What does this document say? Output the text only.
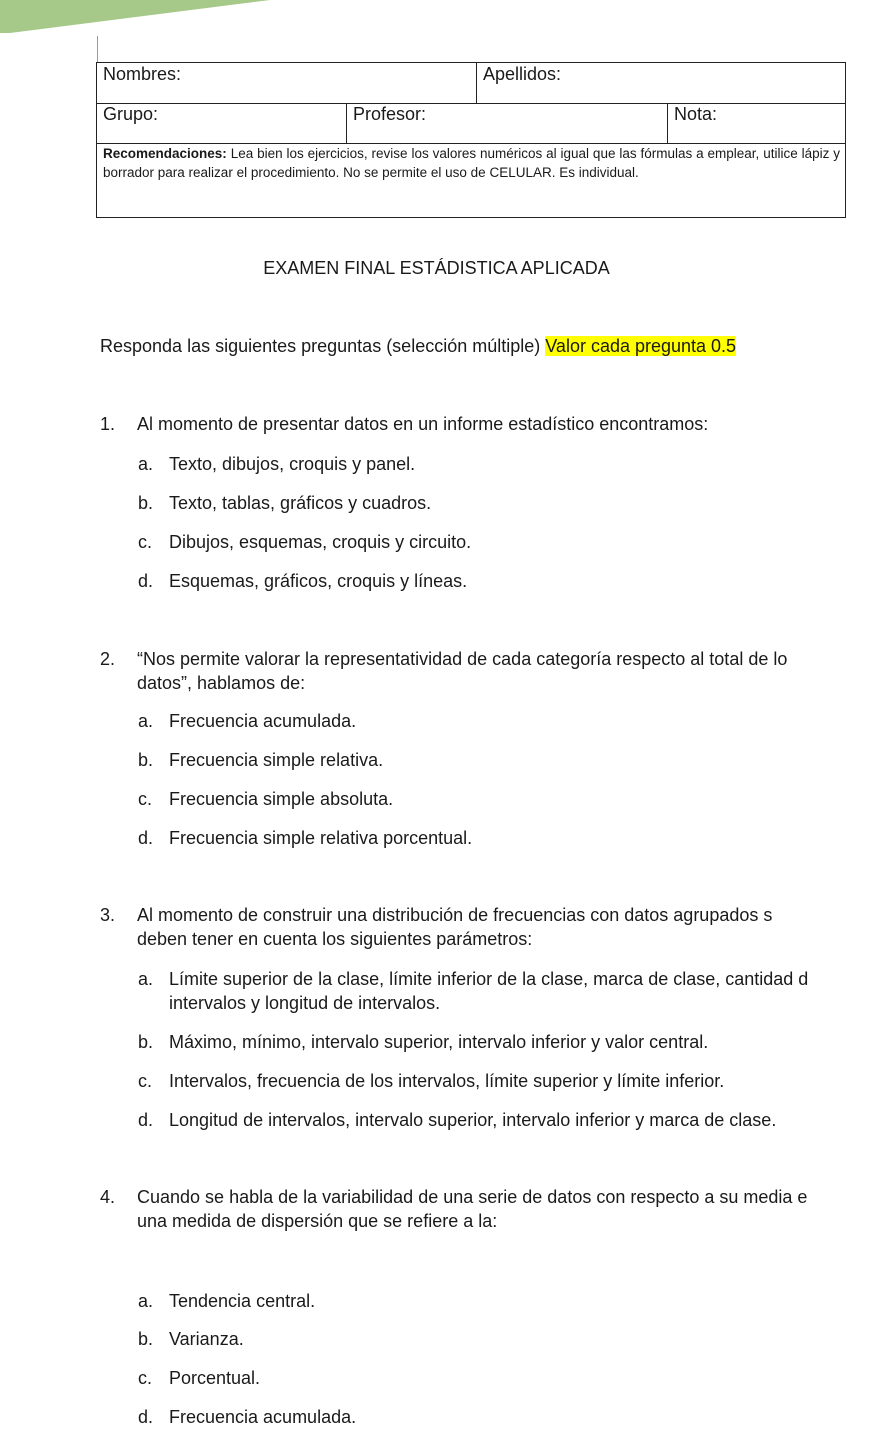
Nombres:	Apellidos:
Grupo:	Profesor:	Nota:
Recomendaciones: Lea bien los ejercicios, revise los valores numéricos al igual que las fórmulas a emplear, utilice lápiz y borrador para realizar el procedimiento. No se permite el uso de CELULAR. Es individual.
EXAMEN FINAL ESTÁDISTICA APLICADA
Responda las siguientes preguntas (selección múltiple) Valor cada pregunta 0.5
1. Al momento de presentar datos en un informe estadístico encontramos:
a. Texto, dibujos, croquis y panel.
b. Texto, tablas, gráficos y cuadros.
c. Dibujos, esquemas, croquis y circuito.
d. Esquemas, gráficos, croquis y líneas.
2. “Nos permite valorar la representatividad de cada categoría respecto al total de lo
datos”, hablamos de:
a. Frecuencia acumulada.
b. Frecuencia simple relativa.
c. Frecuencia simple absoluta.
d. Frecuencia simple relativa porcentual.
3. Al momento de construir una distribución de frecuencias con datos agrupados s
deben tener en cuenta los siguientes parámetros:
a. Límite superior de la clase, límite inferior de la clase, marca de clase, cantidad d
intervalos y longitud de intervalos.
b. Máximo, mínimo, intervalo superior, intervalo inferior y valor central.
c. Intervalos, frecuencia de los intervalos, límite superior y límite inferior.
d. Longitud de intervalos, intervalo superior, intervalo inferior y marca de clase.
4. Cuando se habla de la variabilidad de una serie de datos con respecto a su media e
una medida de dispersión que se refiere a la:
a. Tendencia central.
b. Varianza.
c. Porcentual.
d. Frecuencia acumulada.
